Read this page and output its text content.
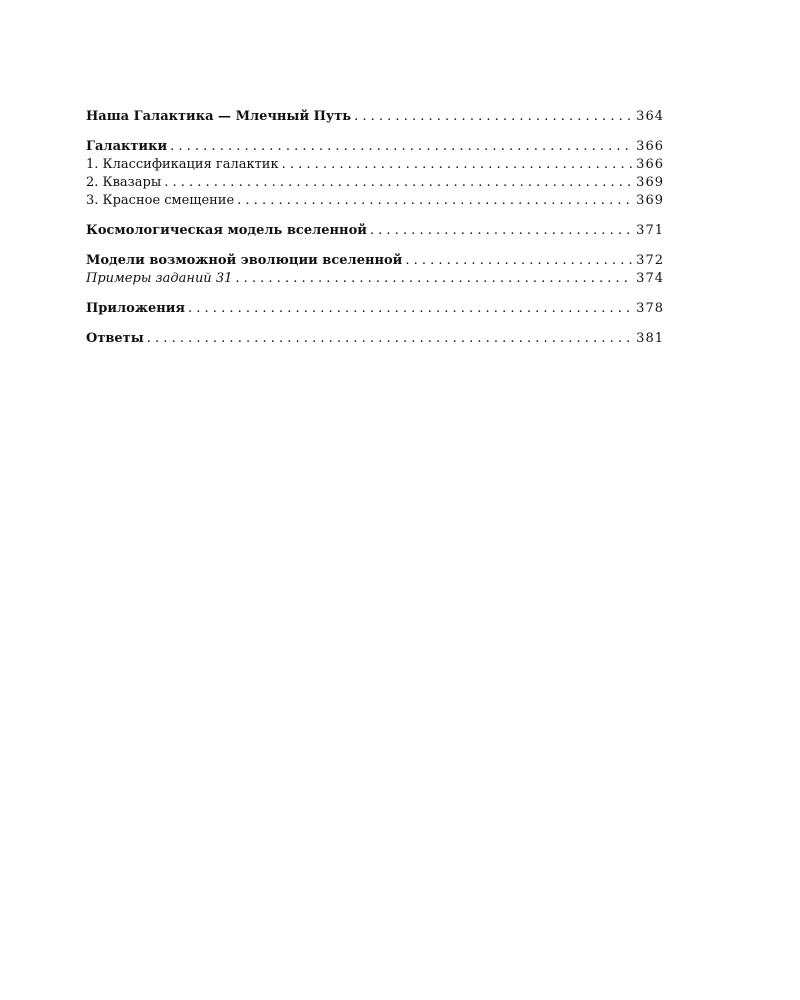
Наша Галактика — Млечный Путь . . .	364
Галактики . . .	366
1. Классификация галактик . . .	366
2. Квазары . . .	369
3. Красное смещение . . .	369
Космологическая модель вселенной . . .	371
Модели возможной эволюции вселенной . . .	372
Примеры заданий 31 . . .	374
Приложения . . .	378
Ответы . . .	381
